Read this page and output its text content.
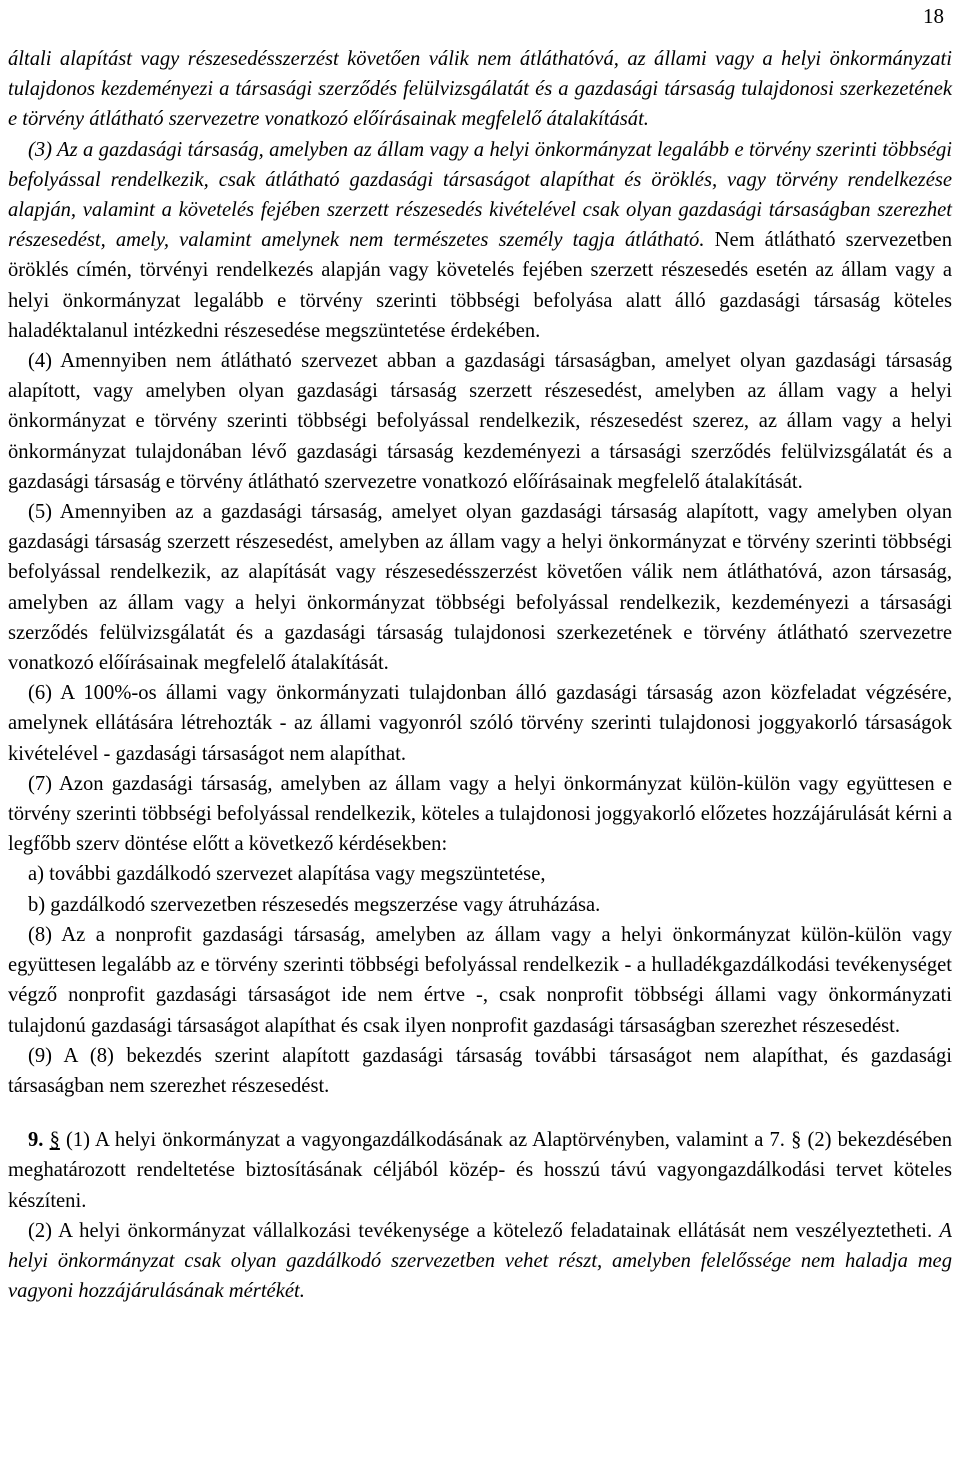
18

általi alapítást vagy részesedésszerzést követően válik nem átláthatóvá, az állami vagy a helyi önkormányzati tulajdonos kezdeményezi a társasági szerződés felülvizsgálatát és a gazdasági társaság tulajdonosi szerkezetének e törvény átlátható szervezetre vonatkozó előírásainak megfelelő átalakítását.

(3) Az a gazdasági társaság, amelyben az állam vagy a helyi önkormányzat legalább e törvény szerinti többségi befolyással rendelkezik, csak átlátható gazdasági társaságot alapíthat és öröklés, vagy törvény rendelkezése alapján, valamint a követelés fejében szerzett részesedés kivételével csak olyan gazdasági társaságban szerezhet részesedést, amely, valamint amelynek nem természetes személy tagja átlátható. Nem átlátható szervezetben öröklés címén, törvényi rendelkezés alapján vagy követelés fejében szerzett részesedés esetén az állam vagy a helyi önkormányzat legalább e törvény szerinti többségi befolyása alatt álló gazdasági társaság köteles haladéktalanul intézkedni részesedése megszüntetése érdekében.

(4) Amennyiben nem átlátható szervezet abban a gazdasági társaságban, amelyet olyan gazdasági társaság alapított, vagy amelyben olyan gazdasági társaság szerzett részesedést, amelyben az állam vagy a helyi önkormányzat e törvény szerinti többségi befolyással rendelkezik, részesedést szerez, az állam vagy a helyi önkormányzat tulajdonában lévő gazdasági társaság kezdeményezi a társasági szerződés felülvizsgálatát és a gazdasági társaság e törvény átlátható szervezetre vonatkozó előírásainak megfelelő átalakítását.

(5) Amennyiben az a gazdasági társaság, amelyet olyan gazdasági társaság alapított, vagy amelyben olyan gazdasági társaság szerzett részesedést, amelyben az állam vagy a helyi önkormányzat e törvény szerinti többségi befolyással rendelkezik, az alapítását vagy részesedésszerzést követően válik nem átláthatóvá, azon társaság, amelyben az állam vagy a helyi önkormányzat többségi befolyással rendelkezik, kezdeményezi a társasági szerződés felülvizsgálatát és a gazdasági társaság tulajdonosi szerkezetének e törvény átlátható szervezetre vonatkozó előírásainak megfelelő átalakítását.

(6) A 100%-os állami vagy önkormányzati tulajdonban álló gazdasági társaság azon közfeladat végzésére, amelynek ellátására létrehozták - az állami vagyonról szóló törvény szerinti tulajdonosi joggyakorló társaságok kivételével - gazdasági társaságot nem alapíthat.

(7) Azon gazdasági társaság, amelyben az állam vagy a helyi önkormányzat külön-külön vagy együttesen e törvény szerinti többségi befolyással rendelkezik, köteles a tulajdonosi joggyakorló előzetes hozzájárulását kérni a legfőbb szerv döntése előtt a következő kérdésekben:

a) további gazdálkodó szervezet alapítása vagy megszüntetése,

b) gazdálkodó szervezetben részesedés megszerzése vagy átruházása.

(8) Az a nonprofit gazdasági társaság, amelyben az állam vagy a helyi önkormányzat külön-külön vagy együttesen legalább az e törvény szerinti többségi befolyással rendelkezik - a hulladékgazdálkodási tevékenységet végző nonprofit gazdasági társaságot ide nem értve -, csak nonprofit többségi állami vagy önkormányzati tulajdonú gazdasági társaságot alapíthat és csak ilyen nonprofit gazdasági társaságban szerezhet részesedést.

(9) A (8) bekezdés szerint alapított gazdasági társaság további társaságot nem alapíthat, és gazdasági társaságban nem szerezhet részesedést.

9. § (1) A helyi önkormányzat a vagyongazdálkodásának az Alaptörvényben, valamint a 7. § (2) bekezdésében meghatározott rendeltetése biztosításának céljából közép- és hosszú távú vagyongazdálkodási tervet köteles készíteni.

(2) A helyi önkormányzat vállalkozási tevékenysége a kötelező feladatainak ellátását nem veszélyeztetheti. A helyi önkormányzat csak olyan gazdálkodó szervezetben vehet részt, amelyben felelőssége nem haladja meg vagyoni hozzájárulásának mértékét.
